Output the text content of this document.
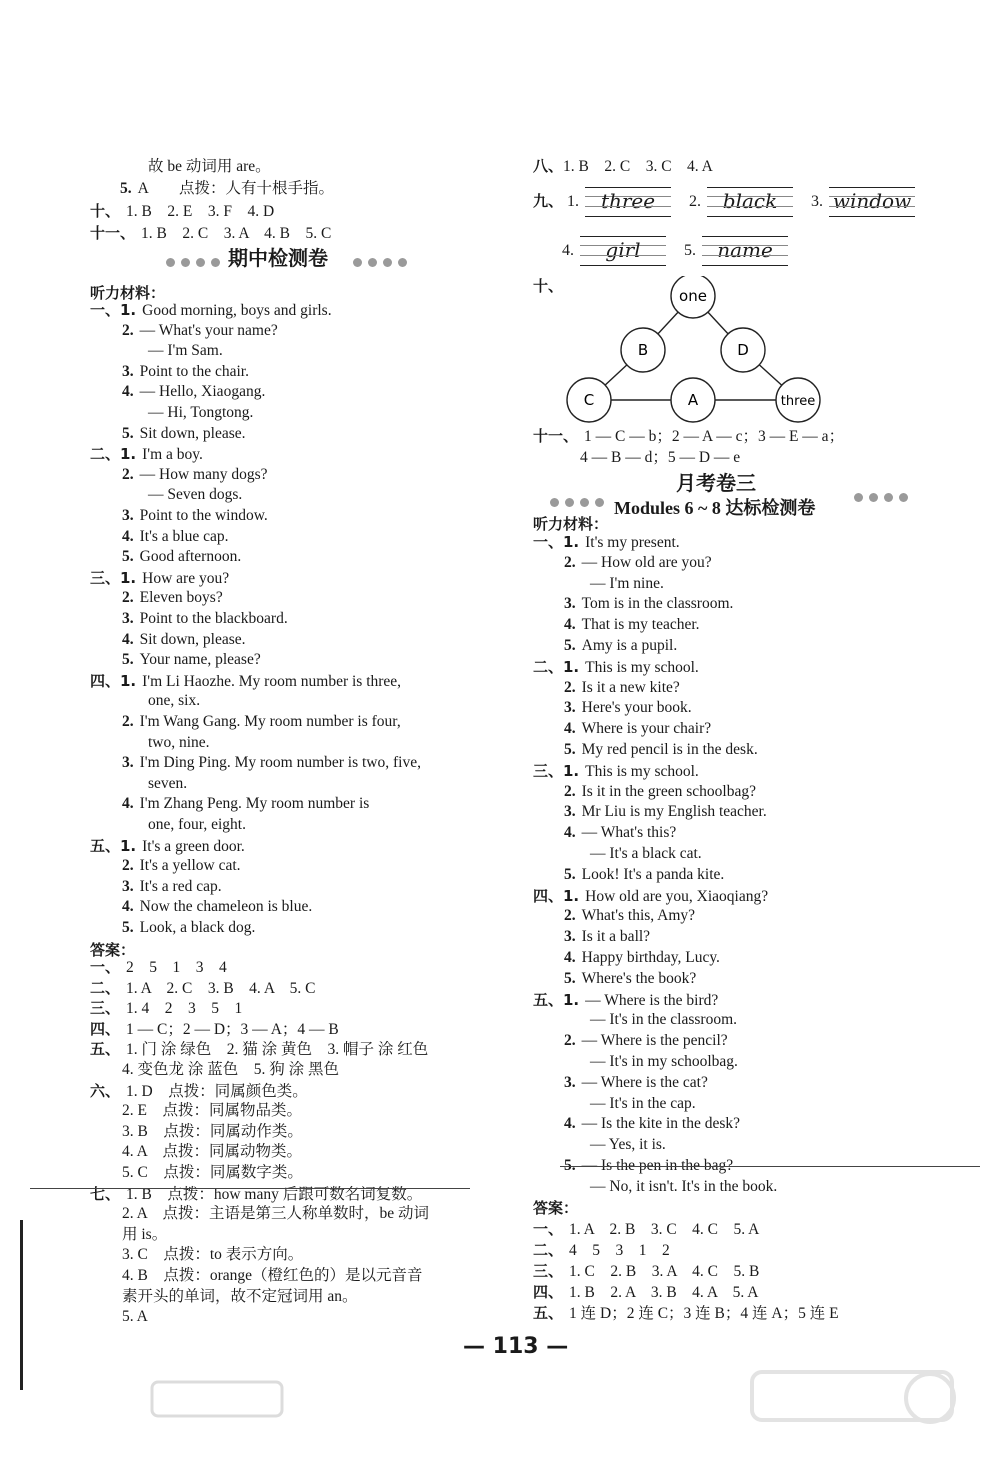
故 be 动词用 are。
5. A　　点拨：人有十根手指。
十、 1. B　2. E　3. F　4. D
十一、 1. B　2. C　3. A　4. B　5. C
期中检测卷
听力材料：
一、1. Good morning, boys and girls.
2. — What's your name?
— I'm Sam.
3. Point to the chair.
4. — Hello, Xiaogang.
— Hi, Tongtong.
5. Sit down, please.
二、1. I'm a boy.
2. — How many dogs?
— Seven dogs.
3. Point to the window.
4. It's a blue cap.
5. Good afternoon.
三、1. How are you?
2. Eleven boys?
3. Point to the blackboard.
4. Sit down, please.
5. Your name, please?
四、1. I'm Li Haozhe. My room number is three,
one, six.
2. I'm Wang Gang. My room number is four,
two, nine.
3. I'm Ding Ping. My room number is two, five,
seven.
4. I'm Zhang Peng. My room number is
one, four, eight.
五、1. It's a green door.
2. It's a yellow cat.
3. It's a red cap.
4. Now the chameleon is blue.
5. Look, a black dog.
答案：
一、 2　5　1　3　4
二、 1. A　2. C　3. B　4. A　5. C
三、 1. 4　2　3　5　1
四、 1 — C；2 — D；3 — A；4 — B
五、 1. 门 涂 绿色　2. 猫 涂 黄色　3. 帽子 涂 红色
4. 变色龙 涂 蓝色　5. 狗 涂 黑色
六、 1. D　点拨：同属颜色类。
2. E　点拨：同属物品类。
3. B　点拨：同属动作类。
4. A　点拨：同属动物类。
5. C　点拨：同属数字类。
七、 1. B　点拨：how many 后跟可数名词复数。
2. A　点拨：主语是第三人称单数时，be 动词
用 is。
3. C　点拨：to 表示方向。
4. B　点拨：orange（橙红色的）是以元音音
素开头的单词，故不定冠词用 an。
5. A
八、1. B　2. C　3. C　4. A
九、 1.	three	2.	black	3. window
4.	girl	5.	name
十、
one
B	D
C	A	three
十一、 1 — C — b；2 — A — c；3 — E — a；
4 — B — d；5 — D — e
月考卷三
Modules 6 ~ 8 达标检测卷
听力材料：
一、1. It's my present.
2. — How old are you?
— I'm nine.
3. Tom is in the classroom.
4. That is my teacher.
5. Amy is a pupil.
二、1. This is my school.
2. Is it a new kite?
3. Here's your book.
4. Where is your chair?
5. My red pencil is in the desk.
三、1. This is my school.
2. Is it in the green schoolbag?
3. Mr Liu is my English teacher.
4. — What's this?
— It's a black cat.
5. Look! It's a panda kite.
四、1. How old are you, Xiaoqiang?
2. What's this, Amy?
3. Is it a ball?
4. Happy birthday, Lucy.
5. Where's the book?
五、1. — Where is the bird?
— It's in the classroom.
2. — Where is the pencil?
— It's in my schoolbag.
3. — Where is the cat?
— It's in the cap.
4. — Is the kite in the desk?
— Yes, it is.
5. — Is the pen in the bag?
— No, it isn't. It's in the book.
答案：
一、 1. A　2. B　3. C　4. C　5. A
二、 4　5　3　1　2
三、 1. C　2. B　3. A　4. C　5. B
四、 1. B　2. A　3. B　4. A　5. A
五、 1 连 D；2 连 C；3 连 B；4 连 A；5 连 E
— 113 —
